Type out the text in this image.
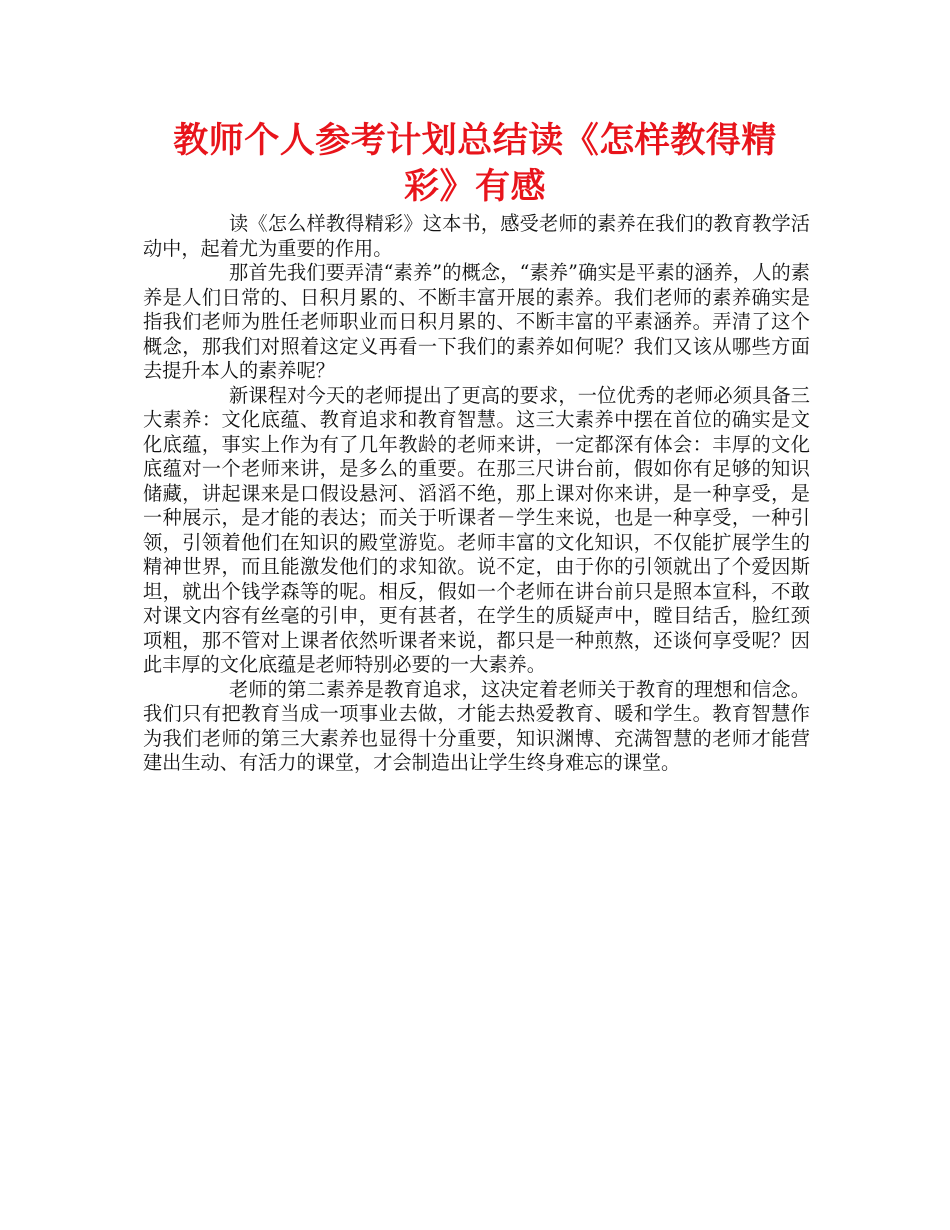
教师个人参考计划总结读《怎样教得精彩》有感

读《怎么样教得精彩》这本书，感受老师的素养在我们的教育教学活动中，起着尤为重要的作用。

那首先我们要弄清“素养”的概念，“素养”确实是平素的涵养，人的素养是人们日常的、日积月累的、不断丰富开展的素养。我们老师的素养确实是指我们老师为胜任老师职业而日积月累的、不断丰富的平素涵养。弄清了这个概念，那我们对照着这定义再看一下我们的素养如何呢？我们又该从哪些方面去提升本人的素养呢？

新课程对今天的老师提出了更高的要求，一位优秀的老师必须具备三大素养：文化底蕴、教育追求和教育智慧。这三大素养中摆在首位的确实是文化底蕴，事实上作为有了几年教龄的老师来讲，一定都深有体会：丰厚的文化底蕴对一个老师来讲，是多么的重要。在那三尺讲台前，假如你有足够的知识储藏，讲起课来是口假设悬河、滔滔不绝，那上课对你来讲，是一种享受，是一种展示，是才能的表达；而关于听课者－学生来说，也是一种享受，一种引领，引领着他们在知识的殿堂游览。老师丰富的文化知识，不仅能扩展学生的精神世界，而且能激发他们的求知欲。说不定，由于你的引领就出了个爱因斯坦，就出个钱学森等的呢。相反，假如一个老师在讲台前只是照本宣科，不敢对课文内容有丝毫的引申，更有甚者，在学生的质疑声中，瞠目结舌，脸红颈项粗，那不管对上课者依然听课者来说，都只是一种煎熬，还谈何享受呢？因此丰厚的文化底蕴是老师特别必要的一大素养。

老师的第二素养是教育追求，这决定着老师关于教育的理想和信念。我们只有把教育当成一项事业去做，才能去热爱教育、暖和学生。教育智慧作为我们老师的第三大素养也显得十分重要，知识渊博、充满智慧的老师才能营建出生动、有活力的课堂，才会制造出让学生终身难忘的课堂。
